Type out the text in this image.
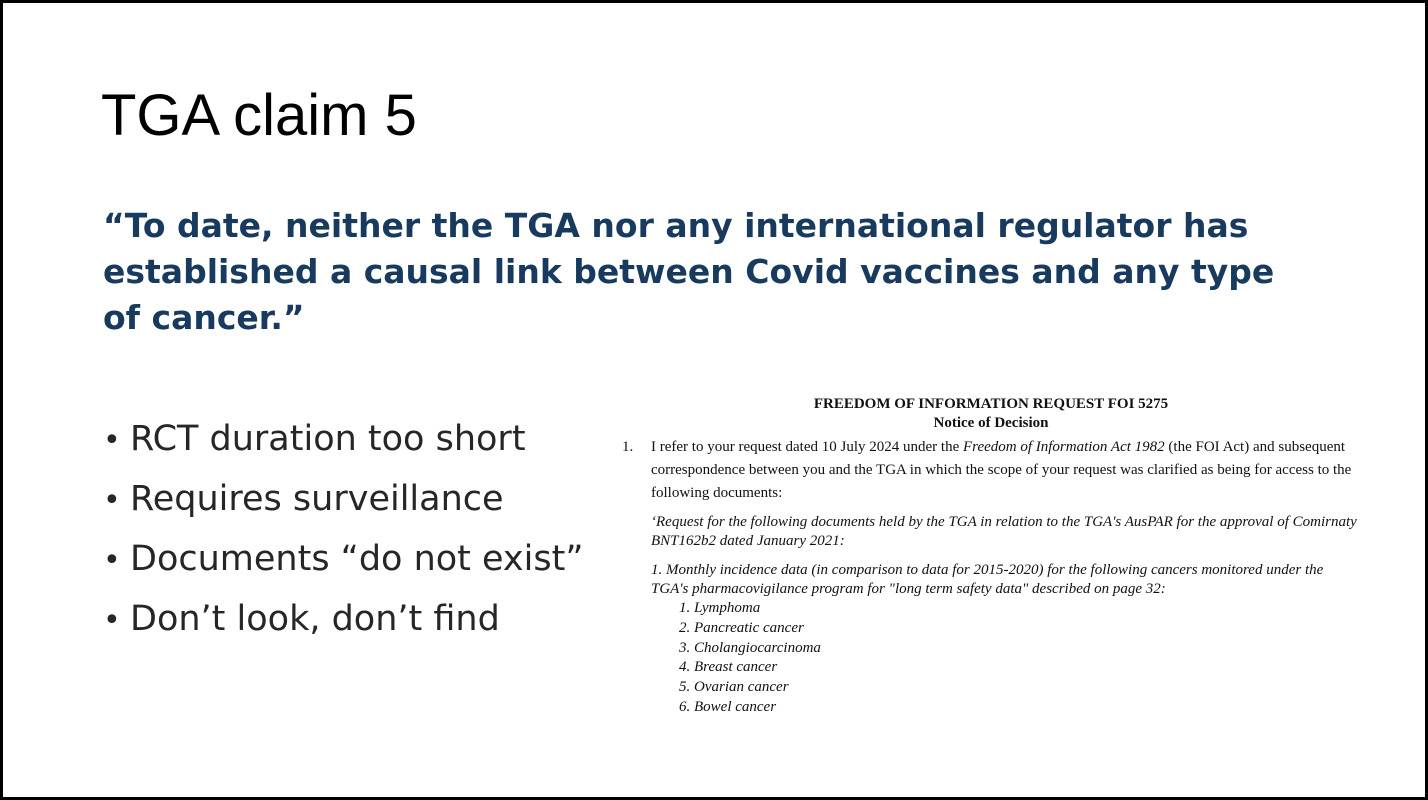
TGA claim 5

“To date, neither the TGA nor any international regulator has established a causal link between Covid vaccines and any type of cancer.”

• RCT duration too short
• Requires surveillance
• Documents “do not exist”
• Don’t look, don’t find
FREEDOM OF INFORMATION REQUEST FOI 5275
Notice of Decision
1.	I refer to your request dated 10 July 2024 under the Freedom of Information Act 1982 (the FOI Act) and subsequent correspondence between you and the TGA in which the scope of your request was clarified as being for access to the following documents:
‘Request for the following documents held by the TGA in relation to the TGA's AusPAR for the approval of Comirnaty BNT162b2 dated January 2021:
1. Monthly incidence data (in comparison to data for 2015-2020) for the following cancers monitored under the TGA's pharmacovigilance program for "long term safety data" described on page 32:
1. Lymphoma
2. Pancreatic cancer
3. Cholangiocarcinoma
4. Breast cancer
5. Ovarian cancer
6. Bowel cancer
